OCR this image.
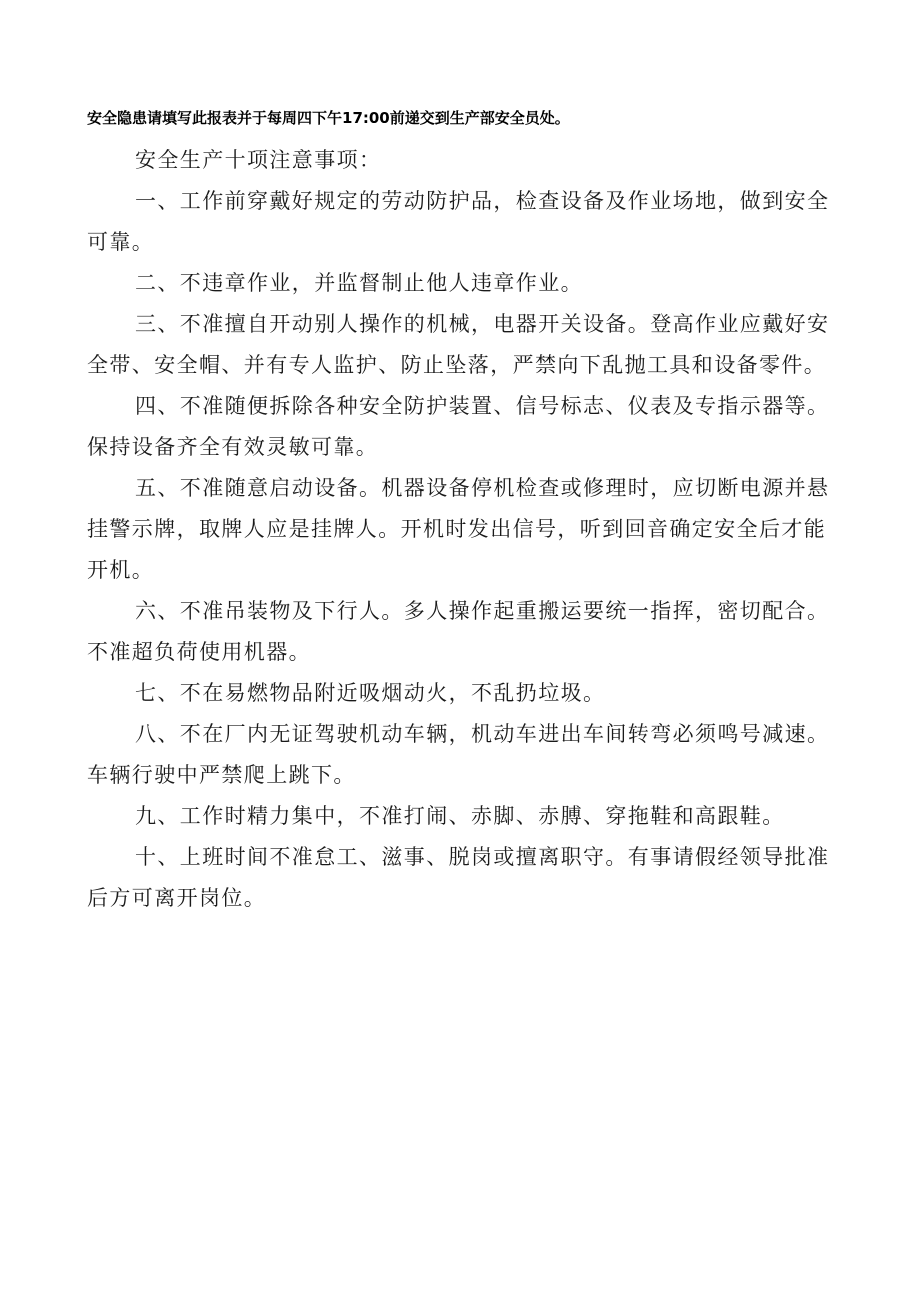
安全隐患请填写此报表并于每周四下午17:00前递交到生产部安全员处。

安全生产十项注意事项：

一、工作前穿戴好规定的劳动防护品，检查设备及作业场地，做到安全可靠。

二、不违章作业，并监督制止他人违章作业。

三、不准擅自开动别人操作的机械，电器开关设备。登高作业应戴好安全带、安全帽、并有专人监护、防止坠落，严禁向下乱抛工具和设备零件。

四、不准随便拆除各种安全防护装置、信号标志、仪表及专指示器等。保持设备齐全有效灵敏可靠。

五、不准随意启动设备。机器设备停机检查或修理时，应切断电源并悬挂警示牌，取牌人应是挂牌人。开机时发出信号，听到回音确定安全后才能开机。

六、不准吊装物及下行人。多人操作起重搬运要统一指挥，密切配合。不准超负荷使用机器。

七、不在易燃物品附近吸烟动火，不乱扔垃圾。

八、不在厂内无证驾驶机动车辆，机动车进出车间转弯必须鸣号减速。车辆行驶中严禁爬上跳下。

九、工作时精力集中，不准打闹、赤脚、赤膊、穿拖鞋和高跟鞋。

十、上班时间不准怠工、滋事、脱岗或擅离职守。有事请假经领导批准后方可离开岗位。
